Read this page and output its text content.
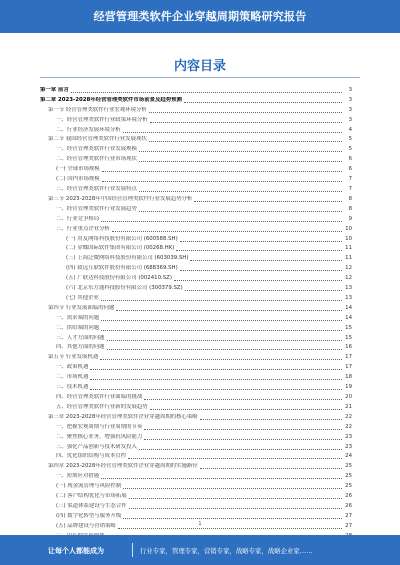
经营管理类软件企业穿越周期策略研究报告
内容目录
第一章 前言	3
第二章 2023-2028年经营管理类软件市场前景及趋势预测	3
第一节 经营管理类软件行业宏观环境分析	3
一、经营管理类软件行业政策环境分析	3
二、行业经济发展环境分析	4
第二节 我国经营管理类软件行业发展现状	5
一、经营管理类软件行业发展规模	5
二、经营管理类软件行业市场现状	6
(一) 全球市场规模	6
(二) 国内市场规模	7
三、经营管理类软件行业发展特点	7
第三节 2023-2028年中国经营管理类软件行业发展趋势分析	8
一、经营管理类软件行业发展趋势	8
二、行业竞争格局	9
三、行业重点企业分析	10
(一) 用友网络科技股份有限公司 (600588.SH)	10
(二) 金蝶国际软件集团有限公司 (00268.HK)	11
(三) 上海泛微网络科技股份有限公司 (603039.SH)	11
(四) 致远互联软件股份有限公司 (688369.SH)	12
(五) 广联达科技股份有限公司 (002410.SZ)	12
(六) 北京东方通科技股份有限公司 (300379.SZ)	13
(七) 其他企业	13
第四节 行业发展面临的问题	14
一、需求端的问题	14
二、供给端的问题	15
三、人才方面的问题	15
四、其他方面的问题	16
第五节 行业发展机遇	17
一、政策机遇	17
二、市场机遇	18
三、技术机遇	19
四、经营管理类软件行业面临的挑战	20
五、经营管理类软件行业新的发展趋势	21
第三章 2023-2028年经营管理类软件企业穿越周期的核心策略	22
一、把握宏观周期与行业周期的节奏	22
二、聚焦核心业务，增强抗风险能力	23
三、强化产品创新与技术研发投入	23
四、优化组织结构与成本管控	24
第四章 2023-2028年经营管理类软件企业穿越周期的实施路径	25
一、短期应对措施	25
(一) 现金流管理与风险控制	25
(二) 客户结构优化与市场拓展	26
(三) 渠道体系建设与生态合作	26
(四) 数字化转型与服务升级	27
(五) 品牌建设与营销策略	27
1
让每个人都能成为	行业专家，管理专家，营销专家，战略专家，战略企业家……
